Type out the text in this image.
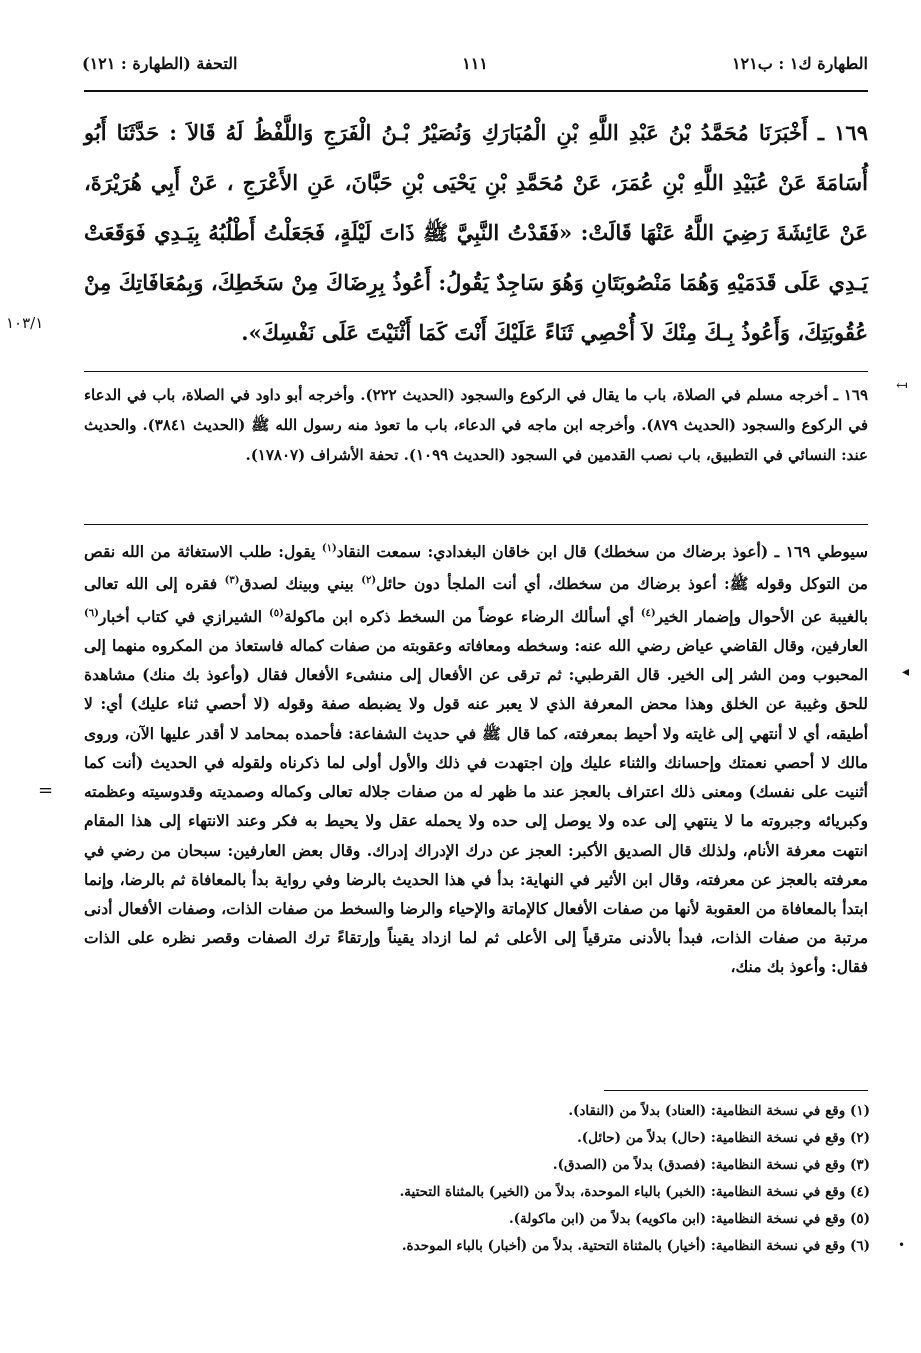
الطهارة ك١ : ب١٢١
١١١
التحفة (الطهارة : ١٢١)
١٦٩ ـ أَخْبَرَنَا مُحَمَّدُ بْنُ عَبْدِ اللَّهِ بْنِ الْمُبَارَكِ وَنُصَيْرُ بْـنُ الْفَرَجِ وَاللَّفْظُ لَهُ قَالاَ : حَدَّثَنَا أَبُو أُسَامَةَ عَنْ عُبَيْدِ اللَّهِ بْنِ عُمَرَ، عَنْ مُحَمَّدِ بْنِ يَحْيَى بْنِ حَبَّانَ، عَنِ الأَعْرَجِ ، عَنْ أَبِي هُرَيْرَةَ، عَنْ عَائِشَةَ رَضِيَ اللَّهُ عَنْهَا قَالَتْ: «فَقَدْتُ النَّبِيَّ ﷺ ذَاتَ لَيْلَةٍ، فَجَعَلْتُ أَطْلُبُهُ بِيَـدِي فَوَقَعَتْ يَـدِي عَلَى قَدَمَيْهِ وَهُمَا مَنْصُوبَتَانِ وَهُوَ سَاجِدٌ يَقُولُ: أَعُوذُ بِرِضَاكَ مِنْ سَخَطِكَ، وَبِمُعَافَاتِكَ مِنْ عُقُوبَتِكَ، وَأَعُوذُ بِـكَ مِنْكَ لاَ أُحْصِي ثَنَاءً عَلَيْكَ أَنْتَ كَمَا أَثْنَيْتَ عَلَى نَفْسِكَ».
١٠٣/١
↤
١٦٩ ـ أخرجه مسلم في الصلاة، باب ما يقال في الركوع والسجود (الحديث ٢٢٢). وأخرجه أبو داود في الصلاة، باب في الدعاء في الركوع والسجود (الحديث ٨٧٩). وأخرجه ابن ماجه في الدعاء، باب ما تعوذ منه رسول الله ﷺ (الحديث ٣٨٤١). والحديث عند: النسائي في التطبيق، باب نصب القدمين في السجود (الحديث ١٠٩٩). تحفة الأشراف (١٧٨٠٧).
سيوطي ١٦٩ ـ (أعوذ برضاك من سخطك) قال ابن خاقان البغدادي: سمعت النقاد$^{(١)}$ يقول: طلب الاستغاثة من الله نقص من التوكل وقوله ﷺ: أعوذ برضاك من سخطك، أي أنت الملجأ دون حائل$^{(٢)}$ بيني وبينك لصدق$^{(٣)}$ فقره إلى الله تعالى بالغيبة عن الأحوال وإضمار الخير$^{(٤)}$ أي أسألك الرضاء عوضاً من السخط ذكره ابن ماكولة$^{(٥)}$ الشيرازي في كتاب أخبار$^{(٦)}$ العارفين، وقال القاضي عياض رضي الله عنه: وسخطه ومعافاته وعقوبته من صفات كماله فاستعاذ من المكروه منهما إلى المحبوب ومن الشر إلى الخير. قال القرطبي: ثم ترقى عن الأفعال إلى منشىء الأفعال فقال (وأعوذ بك منك) مشاهدة للحق وغيبة عن الخلق وهذا محض المعرفة الذي لا يعبر عنه قول ولا يضبطه صفة وقوله (لا أحصي ثناء عليك) أي: لا أطيقه، أي لا أنتهي إلى غايته ولا أحيط بمعرفته، كما قال ﷺ في حديث الشفاعة: فأحمده بمحامد لا أقدر عليها الآن، وروى مالك لا أحصي نعمتك وإحسانك والثناء عليك وإن اجتهدت في ذلك والأول أولى لما ذكرناه ولقوله في الحديث (أنت كما أثنيت على نفسك) ومعنى ذلك اعتراف بالعجز عند ما ظهر له من صفات جلاله تعالى وكماله وصمديته وقدوسيته وعظمته وكبريائه وجبروته ما لا ينتهي إلى عده ولا يوصل إلى حده ولا يحمله عقل ولا يحيط به فكر وعند الانتهاء إلى هذا المقام انتهت معرفة الأنام، ولذلك قال الصديق الأكبر: العجز عن درك الإدراك إدراك. وقال بعض العارفين: سبحان من رضي في معرفته بالعجز عن معرفته، وقال ابن الأثير في النهاية: بدأ في هذا الحديث بالرضا وفي رواية بدأ بالمعافاة ثم بالرضا، وإنما ابتدأ بالمعافاة من العقوبة لأنها من صفات الأفعال كالإماتة والإحياء والرضا والسخط من صفات الذات، وصفات الأفعال أدنى مرتبة من صفات الذات، فبدأ بالأدنى مترقياً إلى الأعلى ثم لما ازداد يقيناً وإرتقاءً ترك الصفات وقصر نظره على الذات فقال: وأعوذ بك منك،
◂
=
(١) وقع في نسخة النظامية: (العناد) بدلاً من (النقاد).
(٢) وقع في نسخة النظامية: (حال) بدلاً من (حائل).
(٣) وقع في نسخة النظامية: (فصدق) بدلاً من (الصدق).
(٤) وقع في نسخة النظامية: (الخبر) بالباء الموحدة، بدلاً من (الخير) بالمثناة التحتية.
(٥) وقع في نسخة النظامية: (ابن ماكويه) بدلاً من (ابن ماكولة).
(٦) وقع في نسخة النظامية: (أخيار) بالمثناة التحتية. بدلاً من (أخبار) بالباء الموحدة. •
